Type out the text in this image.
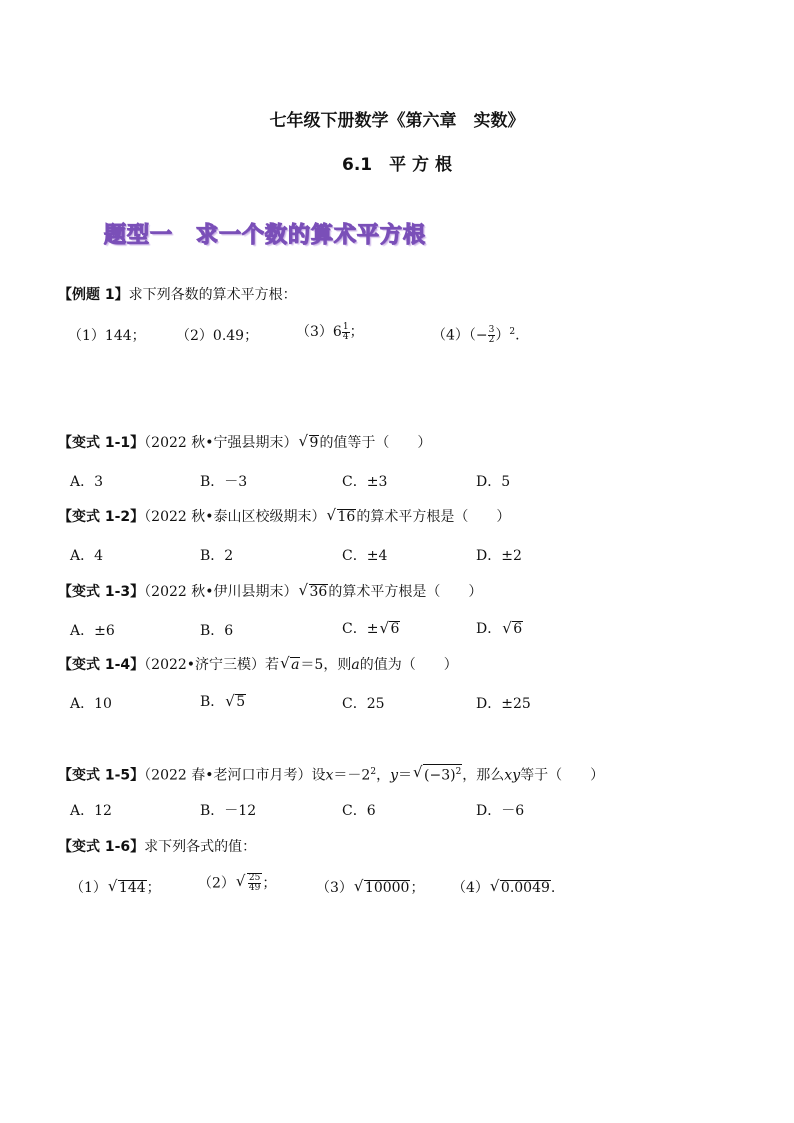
七年级下册数学《第六章　实数》
6.1　平 方 根
题型一　求一个数的算术平方根
【例题 1】求下列各数的算术平方根：
（1）144； （2）0.49；	$(3)6 \frac{1}{4}$ ；	$(4)(- \frac{3}{2} )^2$.
【变式 1-1】（2022 秋•宁强县期末） √ 9的值等于（　　）
A．3	B．－3	C．±3	D．5
【变式 1-2】（2022 秋•泰山区校级期末） √ 16的算术平方根是（　　）
A．4	B．2	C．±4	D．±2
【变式 1-3】（2022 秋•伊川县期末） √ 36的算术平方根是（　　）
A．±6	B．6	C．± √ 6	D． √ 6
【变式 1-4】（2022•济宁三模）若 √ a＝5，则a的值为（　　）
A．10	B． √ 5	C．25	D．±25
【变式 1-5】（2022 春•老河口市月考）设$x=-2^2$，y＝ √ $(-3)^2$，那么xy等于（　　）
A．12	B．－12	C．6	D．－6
【变式 1-6】求下列各式的值：
（1） √ 144；	（2） √ $\frac{25}{49}$ ；	（3） √ 10000； （4） √ 0.0049.
